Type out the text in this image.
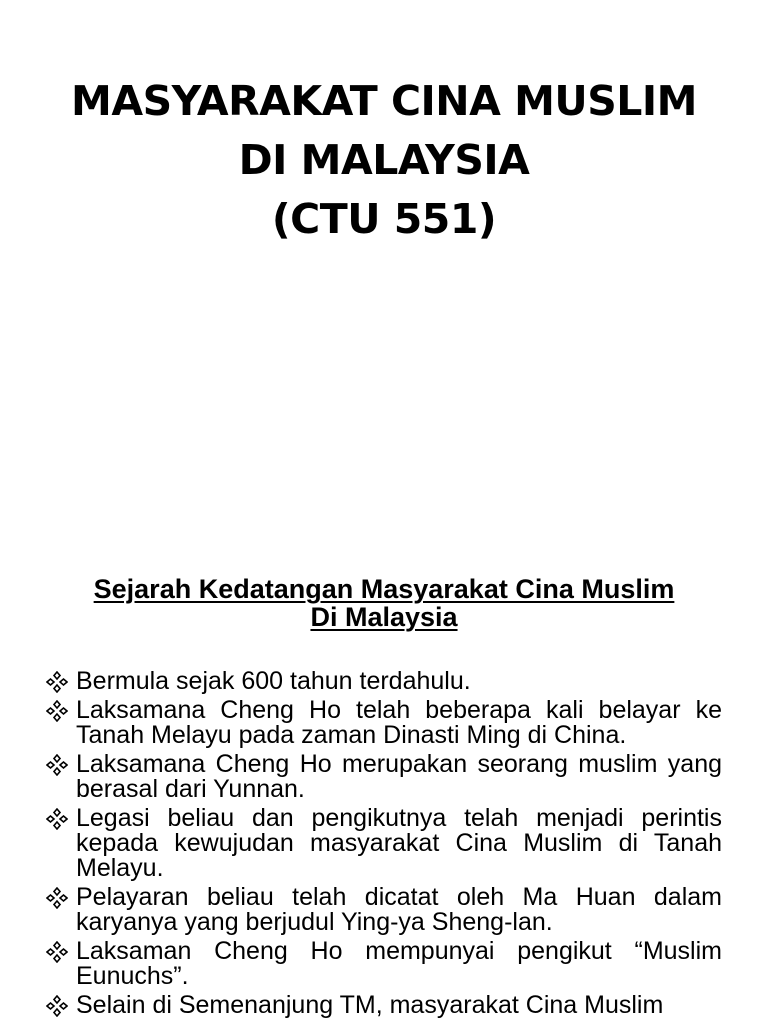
MASYARAKAT CINA MUSLIM
DI MALAYSIA
(CTU 551)
Sejarah Kedatangan Masyarakat Cina Muslim
Di Malaysia
Bermula sejak 600 tahun terdahulu.
Laksamana Cheng Ho telah beberapa kali belayar ke Tanah Melayu pada zaman Dinasti Ming di China.
Laksamana Cheng Ho merupakan seorang muslim yang berasal dari Yunnan.
Legasi beliau dan pengikutnya telah menjadi perintis kepada kewujudan masyarakat Cina Muslim di Tanah Melayu.
Pelayaran beliau telah dicatat oleh Ma Huan dalam karyanya yang berjudul Ying-ya Sheng-lan.
Laksaman Cheng Ho mempunyai pengikut “Muslim Eunuchs”.
Selain di Semenanjung TM, masyarakat Cina Muslim
